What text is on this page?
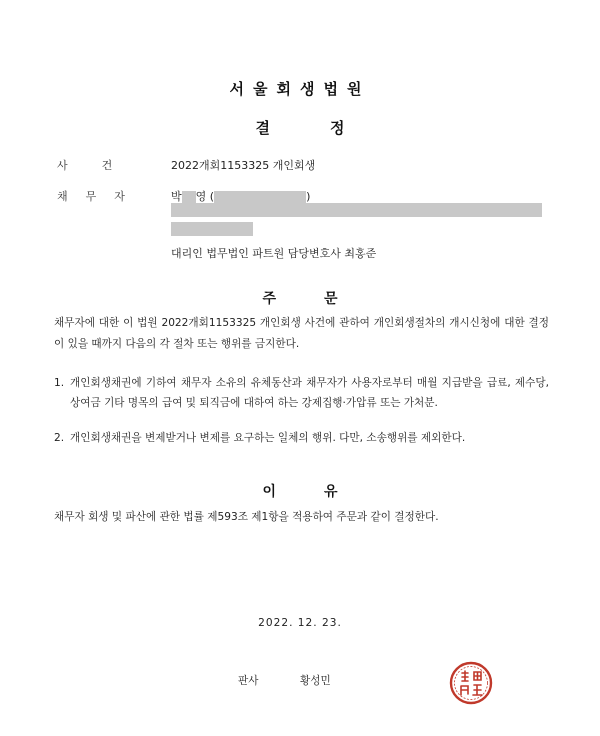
서울회생법원
결정
사건 2022개회1153325 개인회생
채무자	박 영 (	)
대리인 법무법인 파트원 담당변호사 최홍준
주문
채무자에 대한 이 법원 2022개회1153325 개인회생 사건에 관하여 개인회생절차의 개시신청에 대한 결정이 있을 때까지 다음의 각 절차 또는 행위를 금지한다.
1. 개인회생채권에 기하여 채무자 소유의 유체동산과 채무자가 사용자로부터 매월 지급받을 급료, 제수당, 상여금 기타 명목의 급여 및 퇴직금에 대하여 하는 강제집행·가압류 또는 가처분.
2. 개인회생채권을 변제받거나 변제를 요구하는 일체의 행위. 다만, 소송행위를 제외한다.
이유
채무자 회생 및 파산에 관한 법률 제593조 제1항을 적용하여 주문과 같이 결정한다.
2022. 12. 23.
판사	황성민
